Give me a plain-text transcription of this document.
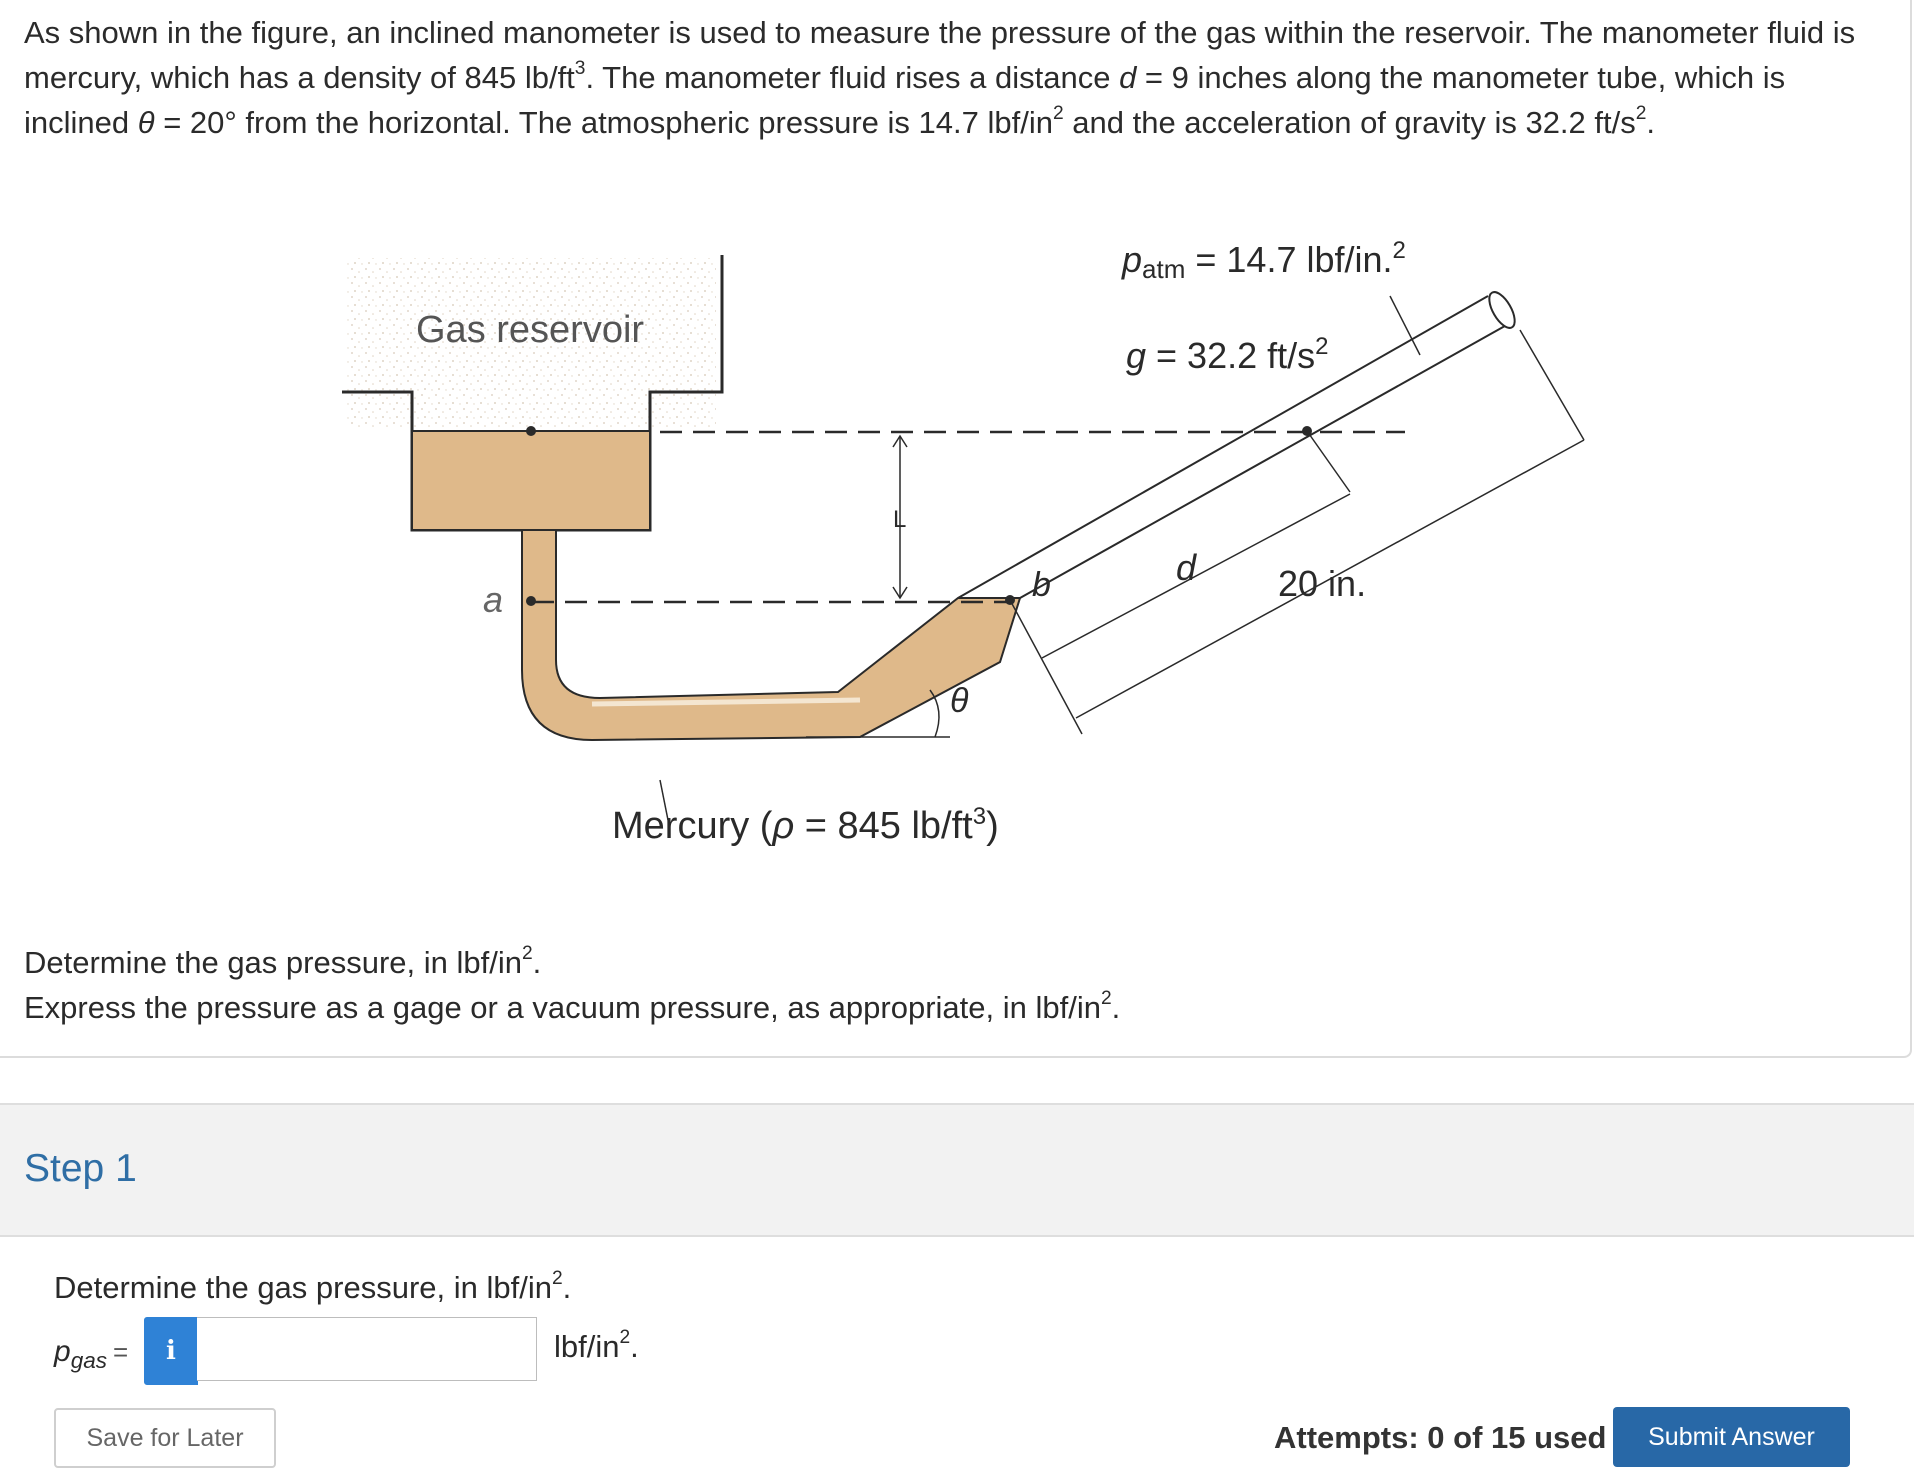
As shown in the figure, an inclined manometer is used to measure the pressure of the gas within the reservoir. The manometer fluid is

mercury, which has a density of 845 $lb/ft^3$. The manometer fluid rises a distance d = 9 inches along the manometer tube, which is

inclined θ = 20° from the horizontal. The atmospheric pressure is 14.7 lbf/$in^2$ and the acceleration of gravity is 32.2 $ft/s^2$.

L
Gas reservoir
patm = 14.7 lbf/in.$^2$
g = 32.2 $ft/s^2$
a	b	d 20 in.
θ
Mercury (ρ = 845 $lb/ft^3$)

Determine the gas pressure, in lbf/$in^2$.

Express the pressure as a gage or a vacuum pressure, as appropriate, in lbf/$in^2$.

Step 1
Determine the gas pressure, in lbf/$in^2$.
$p_{gas}$ =	i	lbf/$in^2$.
Save for Later	Attempts: 0 of 15 used	Submit Answer
